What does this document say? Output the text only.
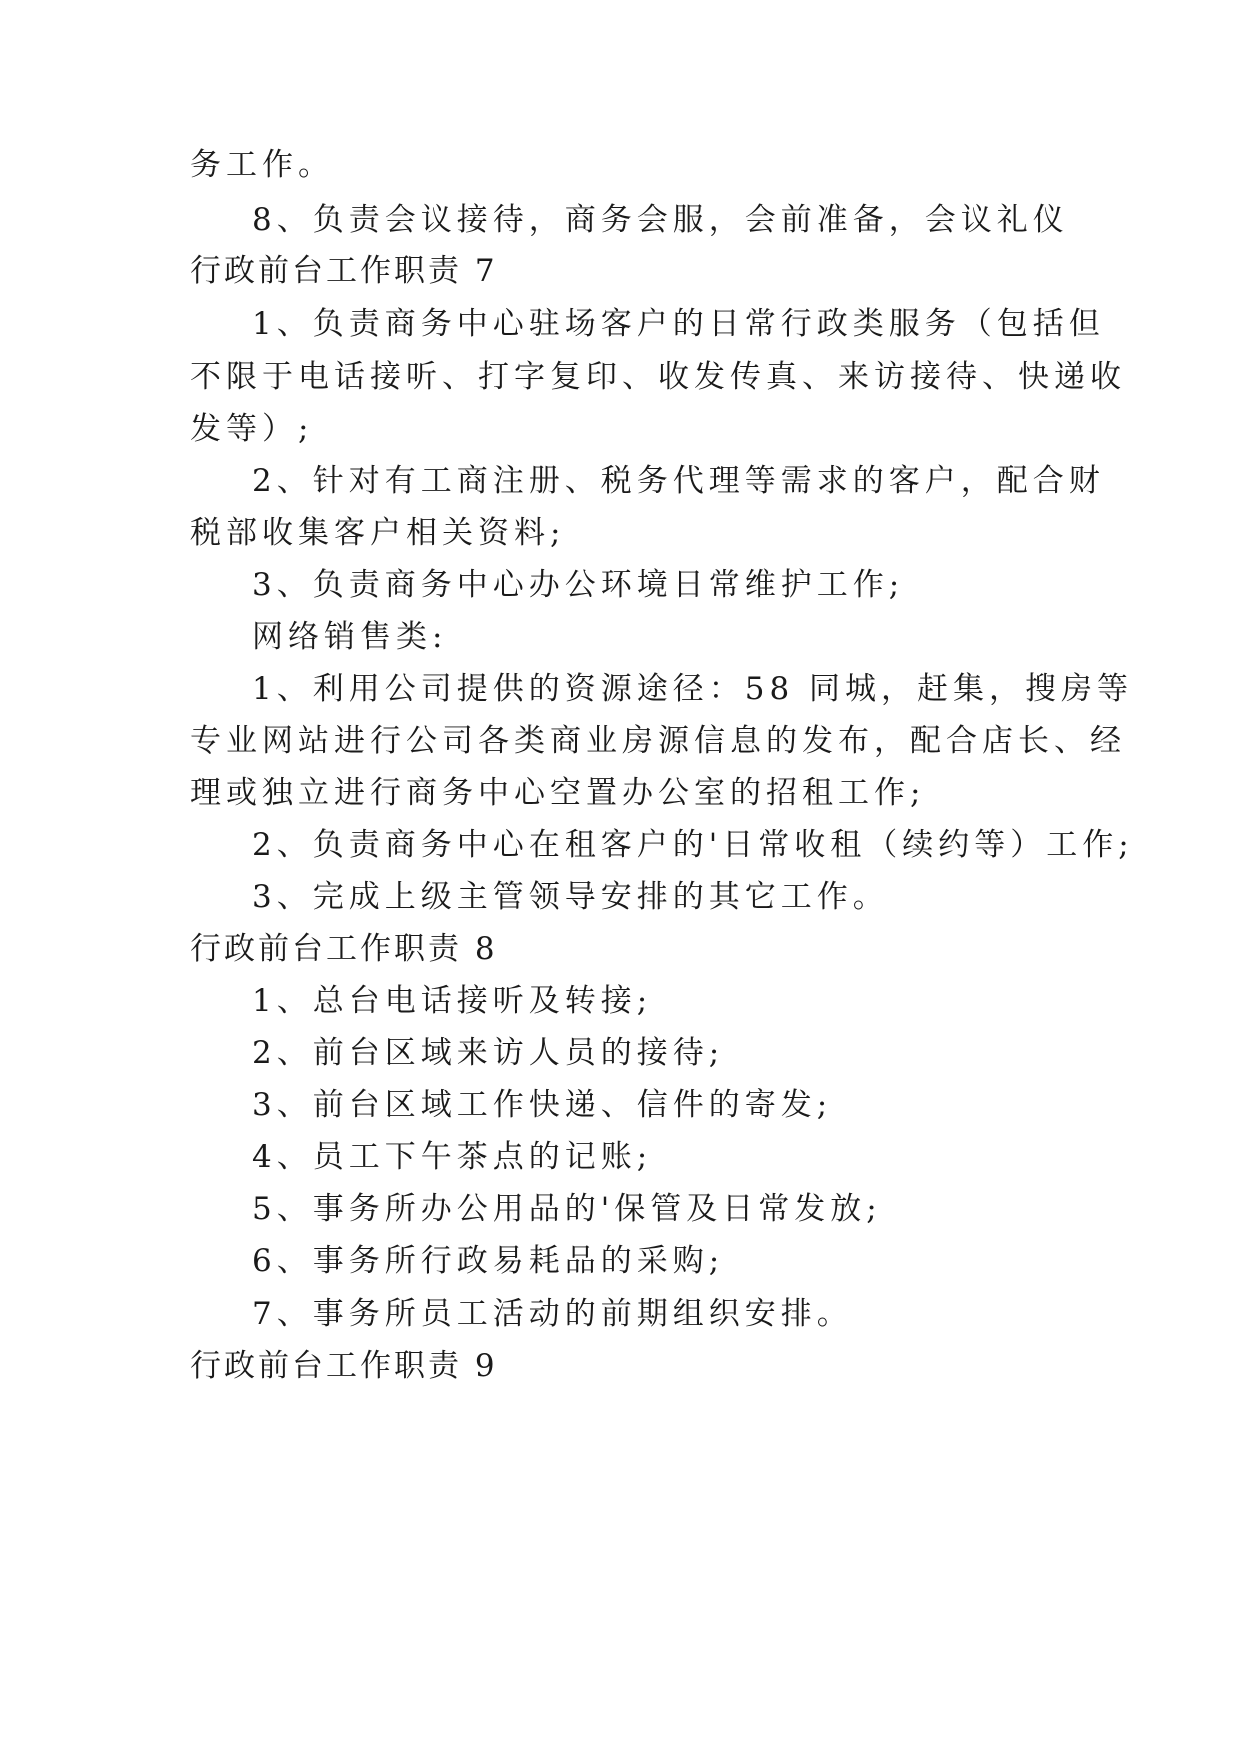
务工作。
8、负责会议接待，商务会服，会前准备，会议礼仪
行政前台工作职责 7
1、负责商务中心驻场客户的日常行政类服务（包括但
不限于电话接听、打字复印、收发传真、来访接待、快递收
发等）;
2、针对有工商注册、税务代理等需求的客户，配合财
税部收集客户相关资料;
3、负责商务中心办公环境日常维护工作;
网络销售类:
1、利用公司提供的资源途径：58 同城，赶集，搜房等
专业网站进行公司各类商业房源信息的发布，配合店长、经
理或独立进行商务中心空置办公室的招租工作;
2、负责商务中心在租客户的'日常收租（续约等）工作;
3、完成上级主管领导安排的其它工作。
行政前台工作职责 8
1、总台电话接听及转接;
2、前台区域来访人员的接待;
3、前台区域工作快递、信件的寄发;
4、员工下午茶点的记账;
5、事务所办公用品的'保管及日常发放;
6、事务所行政易耗品的采购;
7、事务所员工活动的前期组织安排。
行政前台工作职责 9
